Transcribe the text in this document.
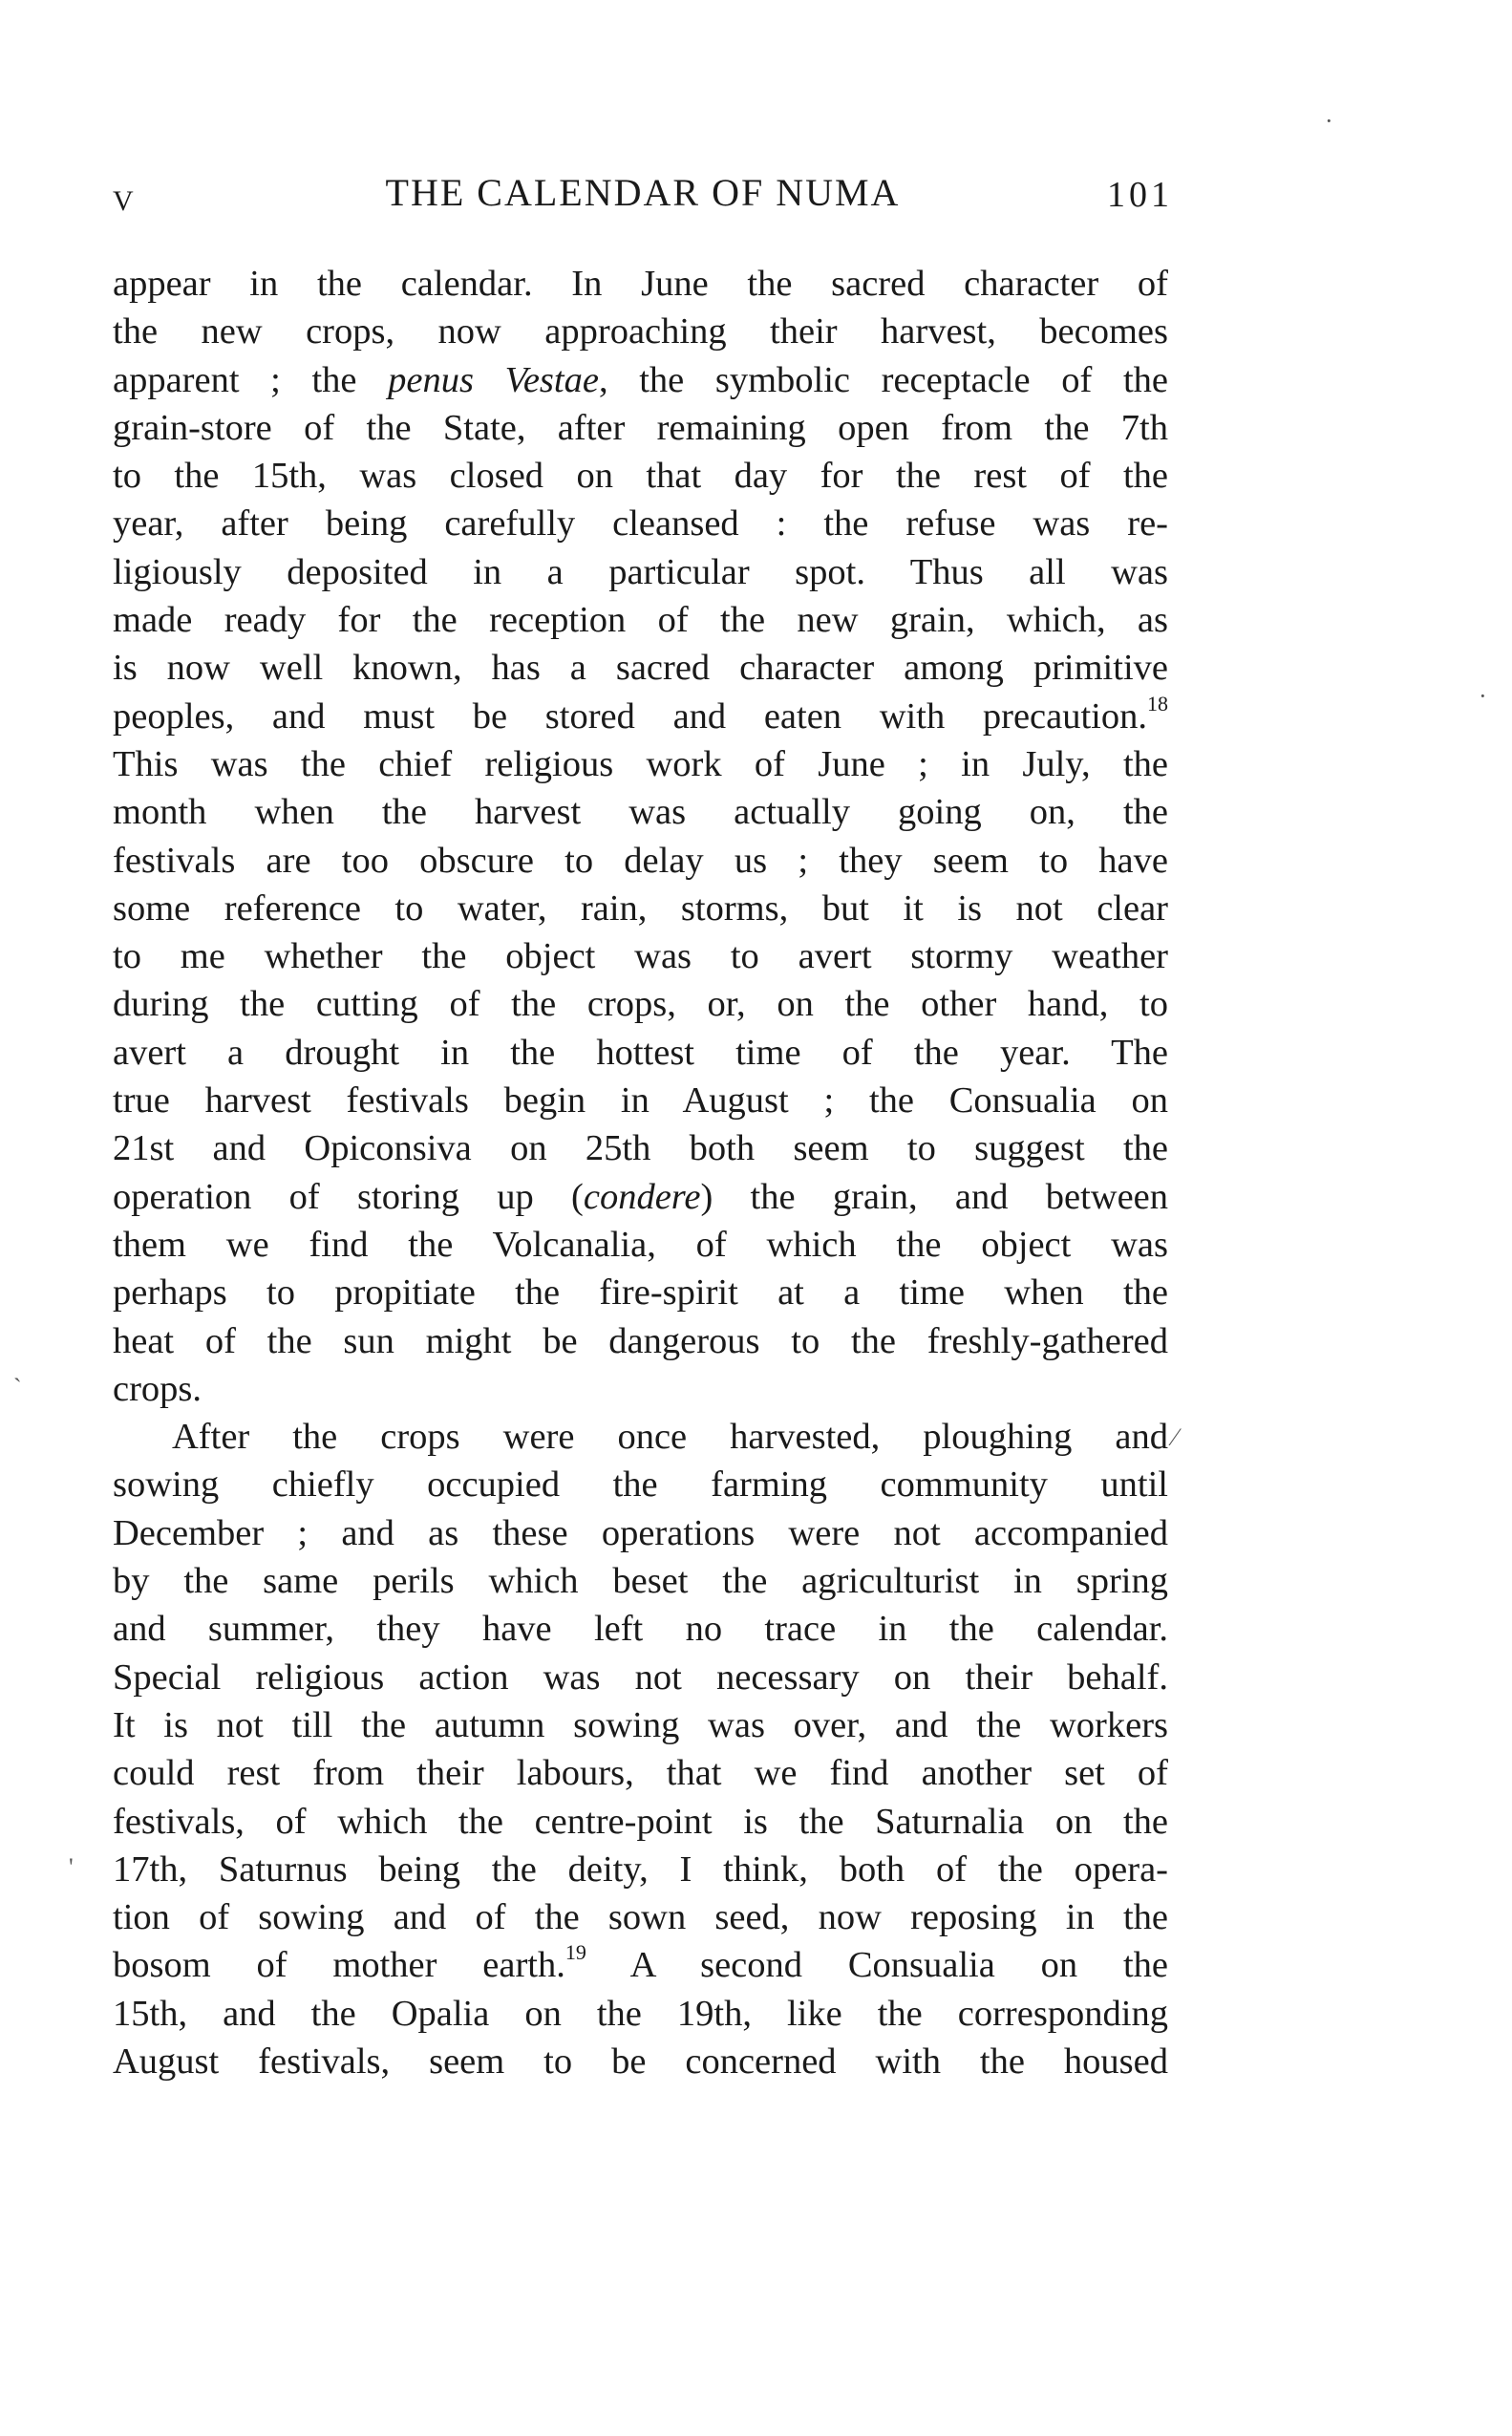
V	THE CALENDAR OF NUMA	101
appear in the calendar. In June the sacred character of
the new crops, now approaching their harvest, becomes
apparent ; the penus Vestae, the symbolic receptacle of the
grain-store of the State, after remaining open from the 7th
to the 15th, was closed on that day for the rest of the
year, after being carefully cleansed : the refuse was re-
ligiously deposited in a particular spot. Thus all was
made ready for the reception of the new grain, which, as
is now well known, has a sacred character among primitive
peoples, and must be stored and eaten with precaution.$^{18}$
This was the chief religious work of June ; in July, the
month when the harvest was actually going on, the
festivals are too obscure to delay us ; they seem to have
some reference to water, rain, storms, but it is not clear
to me whether the object was to avert stormy weather
during the cutting of the crops, or, on the other hand, to
avert a drought in the hottest time of the year. The
true harvest festivals begin in August ; the Consualia on
21st and Opiconsiva on 25th both seem to suggest the
operation of storing up (condere) the grain, and between
them we find the Volcanalia, of which the object was
perhaps to propitiate the fire-spirit at a time when the
heat of the sun might be dangerous to the freshly-gathered
crops.
After the crops were once harvested, ploughing and
sowing chiefly occupied the farming community until
December ; and as these operations were not accompanied
by the same perils which beset the agriculturist in spring
and summer, they have left no trace in the calendar.
Special religious action was not necessary on their behalf.
It is not till the autumn sowing was over, and the workers
could rest from their labours, that we find another set of
festivals, of which the centre-point is the Saturnalia on the
17th, Saturnus being the deity, I think, both of the opera-
tion of sowing and of the sown seed, now reposing in the
bosom of mother earth.$^{19}$ A second Consualia on the
15th, and the Opalia on the 19th, like the corresponding
August festivals, seem to be concerned with the housed
·
·
`
⁄
'
